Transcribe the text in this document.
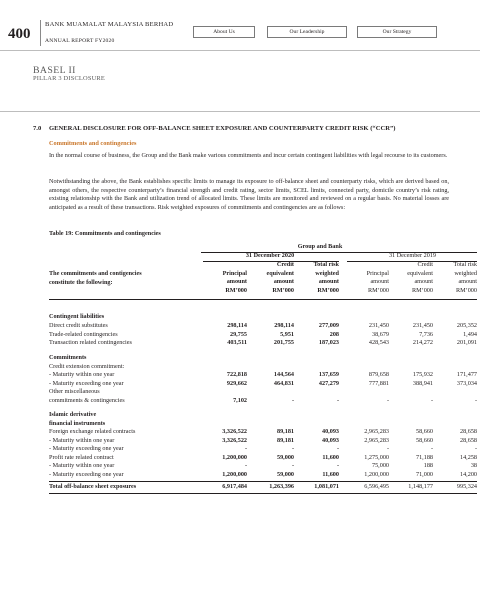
400
BANK MUAMALAT MALAYSIA BERHAD
ANNUAL REPORT FY2020
About Us	Our Leadership	Our Strategy
BASEL II
PILLAR 3 DISCLOSURE
7.0 GENERAL DISCLOSURE FOR OFF-BALANCE SHEET EXPOSURE AND COUNTERPARTY CREDIT RISK (“CCR”)
Commitments and contingencies
In the normal course of business, the Group and the Bank make various commitments and incur certain contingent liabilities with legal recourse to its customers.
Notwithstanding the above, the Bank establishes specific limits to manage its exposure to off-balance sheet and counterparty risks, which are derived based on, amongst others, the respective counterparty’s financial strength and credit rating, sector limits, SCEL limits, connected party, domicile country’s risk rating, existing relationship with the Bank and utilization trend of allocated limits. These limits are monitored and reviewed on a regular basis. No material losses are anticipated as a result of these transactions. Risk weighted exposures of commitments and contingencies are as follows:
Table 19: Commitments and contingencies
Group and Bank
31 December 2020	31 December 2019
Principal
amount
RM’000
Credit
equivalent
amount
RM’000
Total risk
weighted
amount
RM’000
Principal
amount
RM’000
Credit
equivalent
amount
RM’000
Total risk
weighted
amount
RM’000
The commitments and contigencies
constitute the following:
Contingent liabilities
Direct credit substitutes	298,114	298,114	277,009	231,450	231,450	205,352
Trade-related contingencies	29,755	5,951	208	38,679	7,736	1,494
Transaction related contingencies	403,511	201,755	187,023	428,543	214,272	201,091
Commitments
Credit extension commitment:
- Maturity within one year	722,818	144,564	137,659	879,658	175,932	171,477
- Maturity exceeding one year	929,662	464,831	427,279	777,881	388,941	373,034
Other miscellaneous
commitments & contingencies	7,102	-	-	-	-	-
Islamic derivative
financial instruments
Foreign exchange related contracts	3,326,522	89,181	40,093	2,965,283	58,660	28,658
- Maturity within one year	3,326,522	89,181	40,093	2,965,283	58,660	28,658
- Maturity exceeding one year	-	-	-	-	-	-
Profit rate related contract	1,200,000	59,000	11,600	1,275,000	71,188	14,258
- Maturity within one year	-	-	-	75,000	188	38
- Maturity exceeding one year	1,200,000	59,000	11,600	1,200,000	71,000	14,200
Total off-balance sheet exposures	6,917,484	1,263,396	1,081,071	6,596,495	1,148,177	995,324
